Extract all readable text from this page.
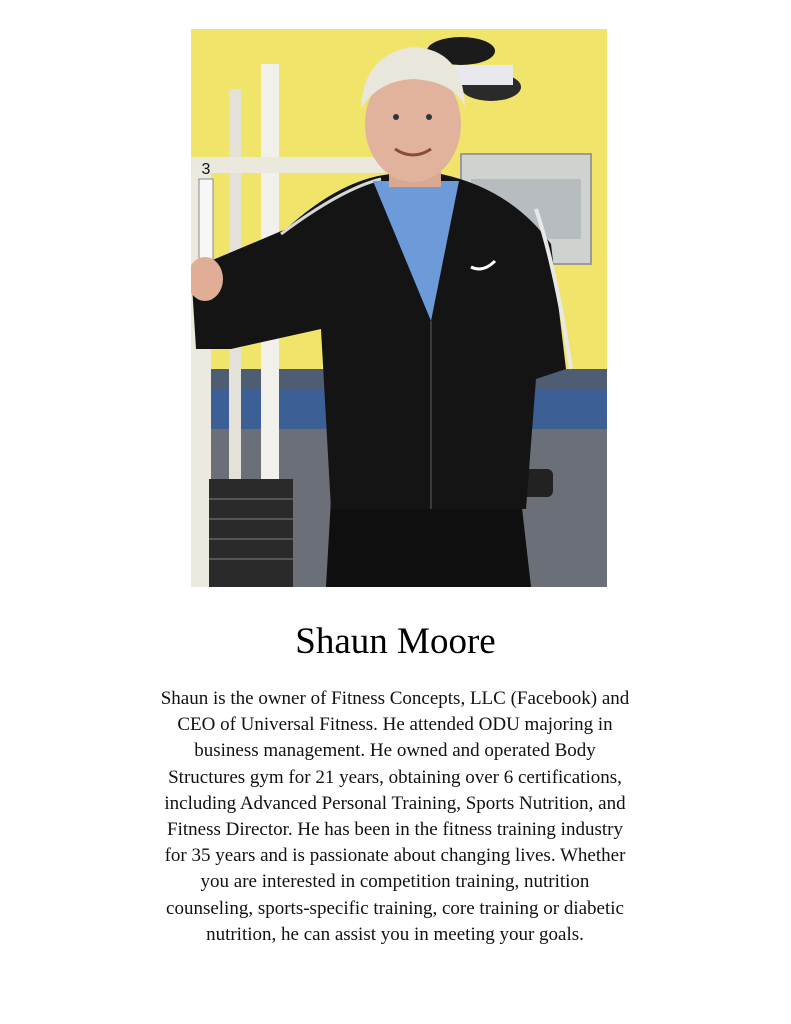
3
Shaun Moore
Shaun is the owner of Fitness Concepts, LLC (Facebook) and
CEO of Universal Fitness. He attended ODU majoring in
business management. He owned and operated Body
Structures gym for 21 years, obtaining over 6 certifications,
including Advanced Personal Training, Sports Nutrition, and
Fitness Director. He has been in the fitness training industry
for 35 years and is passionate about changing lives. Whether
you are interested in competition training, nutrition
counseling, sports-specific training, core training or diabetic
nutrition, he can assist you in meeting your goals.
